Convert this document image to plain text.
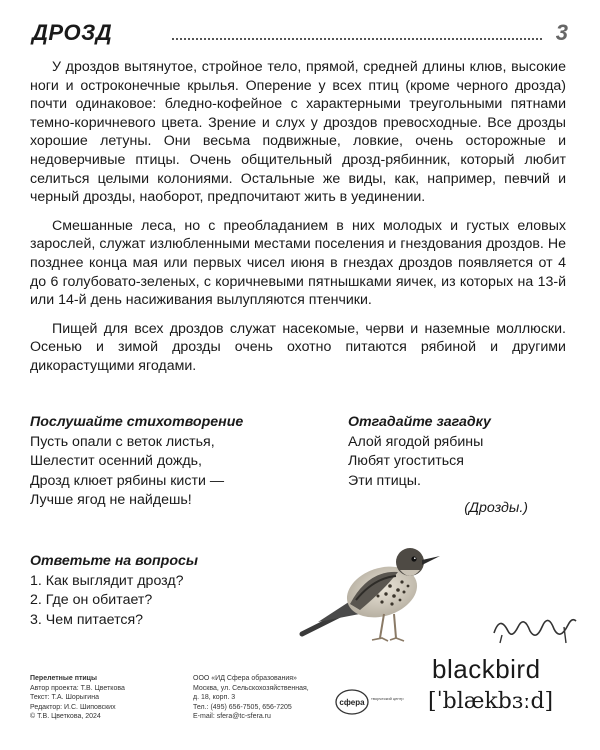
ДРОЗД	3

У дроздов вытянутое, стройное тело, прямой, средней длины клюв, высокие ноги и остроконечные крылья. Оперение у всех птиц (кроме черного дрозда) почти одинаковое: бледно-кофейное с характерными треугольными пятнами темно-коричневого цвета. Зрение и слух у дроздов превосходные. Все дрозды хорошие летуны. Они весьма подвижные, ловкие, очень осторожные и недоверчивые птицы. Очень общительный дрозд-рябинник, который любит селиться целыми колониями. Остальные же виды, как, например, певчий и черный дрозды, наоборот, предпочитают жить в уединении.

Смешанные леса, но с преобладанием в них молодых и густых еловых зарослей, служат излюбленными местами поселения и гнездования дроздов. Не позднее конца мая или первых чисел июня в гнездах дроздов появляется от 4 до 6 голубовато-зеленых, с коричневыми пятнышками яичек, из которых на 13-й или 14-й день насиживания вылупляются птенчики.

Пищей для всех дроздов служат насекомые, черви и наземные моллюски. Осенью и зимой дрозды очень охотно питаются рябиной и другими дикорастущими ягодами.

Послушайте стихотворение
Пусть опали с веток листья,
Шелестит осенний дождь,
Дрозд клюет рябины кисти —
Лучше ягод не найдешь!
Отгадайте загадку
Алой ягодой рябины
Любят угоститься
Эти птицы.
(Дрозды.)
Ответьте на вопросы
1. Как выглядит дрозд?
2. Где он обитает?
3. Чем питается?
дрозд
blackbird
[ˈblækbɜːd]
Перелетные птицы
Автор проекта: Т.В. Цветкова
Текст: Т.А. Шорыгина
Редактор: И.С. Шиповских
© Т.В. Цветкова, 2024
ООО «ИД Сфера образования»
Москва, ул. Сельскохозяйственная,
д. 18, корп. 3
Тел.: (495) 656-7505, 656-7205
E-mail: sfera@tc-sfera.ru
сфера творческий центр
